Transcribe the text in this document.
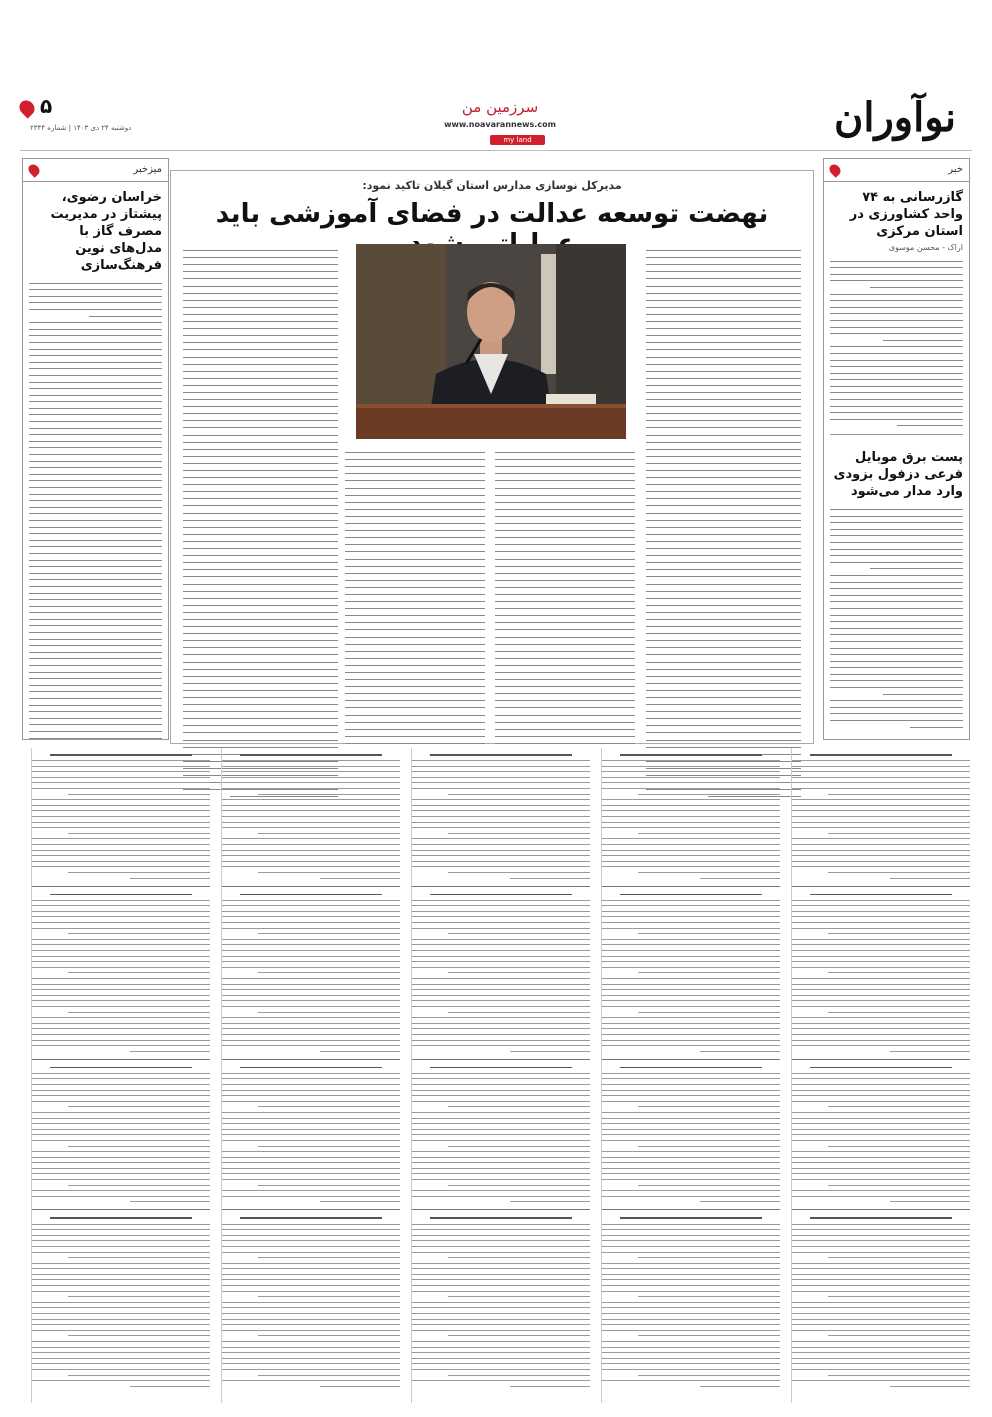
نوآوران
سرزمین من
www.noavarannews.com
my land
۵
دوشنبه ۲۴ دی ۱۴۰۳ | شماره ۲۳۴۴
خبر
گازرسانی به ۷۴ واحد کشاورزی در استان مرکزی
اراک - محسن موسوی
پست برق موبایل فرعی دزفول بزودی وارد مدار می‌شود
میزخبر
خراسان رضوی، پیشتاز در مدیریت مصرف گاز با مدل‌های نوین فرهنگ‌سازی
مدیرکل نوسازی مدارس استان گیلان تاکید نمود:
نهضت توسعه عدالت در فضای آموزشی باید
